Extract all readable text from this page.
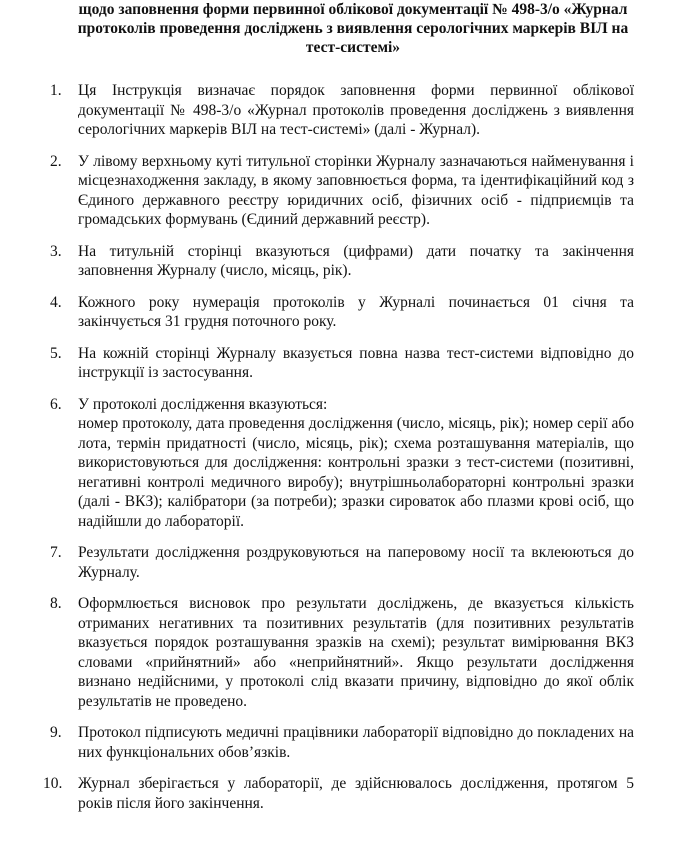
щодо заповнення форми первинної облікової документації № 498-3/о «Журнал протоколів проведення досліджень з виявлення серологічних маркерів ВІЛ на тест-системі»
1.	Ця Інструкція визначає порядок заповнення форми первинної облікової документації № 498-3/о «Журнал протоколів проведення досліджень з виявлення серологічних маркерів ВІЛ на тест-системі» (далі - Журнал).
2.	У лівому верхньому куті титульної сторінки Журналу зазначаються найменування і місцезнаходження закладу, в якому заповнюється форма, та ідентифікаційний код з Єдиного державного реєстру юридичних осіб, фізичних осіб - підприємців та громадських формувань (Єдиний державний реєстр).
3.	На титульній сторінці вказуються (цифрами) дати початку та закінчення заповнення Журналу (число, місяць, рік).
4.	Кожного року нумерація протоколів у Журналі починається 01 січня та закінчується 31 грудня поточного року.
5.	На кожній сторінці Журналу вказується повна назва тест-системи відповідно до інструкції із застосування.
6.	У протоколі дослідження вказуються:
номер протоколу, дата проведення дослідження (число, місяць, рік); номер серії або лота, термін придатності (число, місяць, рік); схема розташування матеріалів, що використовуються для дослідження: контрольні зразки з тест-системи (позитивні, негативні контролі медичного виробу); внутрішньолабораторні контрольні зразки (далі - ВКЗ); калібратори (за потреби); зразки сироваток або плазми крові осіб, що надійшли до лабораторії.
7.	Результати дослідження роздруковуються на паперовому носії та вклеюються до Журналу.
8.	Оформлюється висновок про результати досліджень, де вказується кількість отриманих негативних та позитивних результатів (для позитивних результатів вказується порядок розташування зразків на схемі); результат вимірювання ВКЗ словами «прийнятний» або «неприйнятний». Якщо результати дослідження визнано недійсними, у протоколі слід вказати причину, відповідно до якої облік результатів не проведено.
9.	Протокол підписують медичні працівники лабораторії відповідно до покладених на них функціональних обов’язків.
10.	Журнал зберігається у лабораторії, де здійснювалось дослідження, протягом 5 років після його закінчення.
